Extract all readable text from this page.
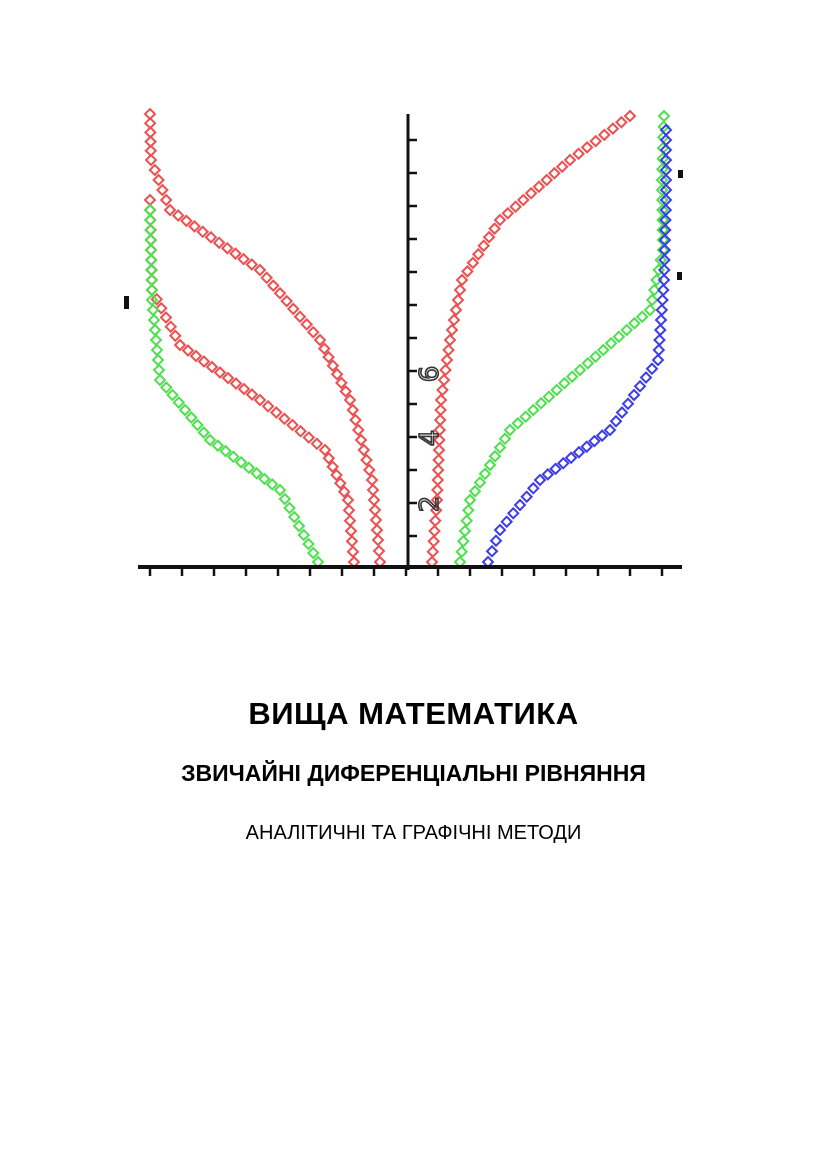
2
4
6
ВИЩА МАТЕМАТИКА
ЗВИЧАЙНІ ДИФЕРЕНЦІАЛЬНІ РІВНЯННЯ
АНАЛІТИЧНІ ТА ГРАФІЧНІ МЕТОДИ
